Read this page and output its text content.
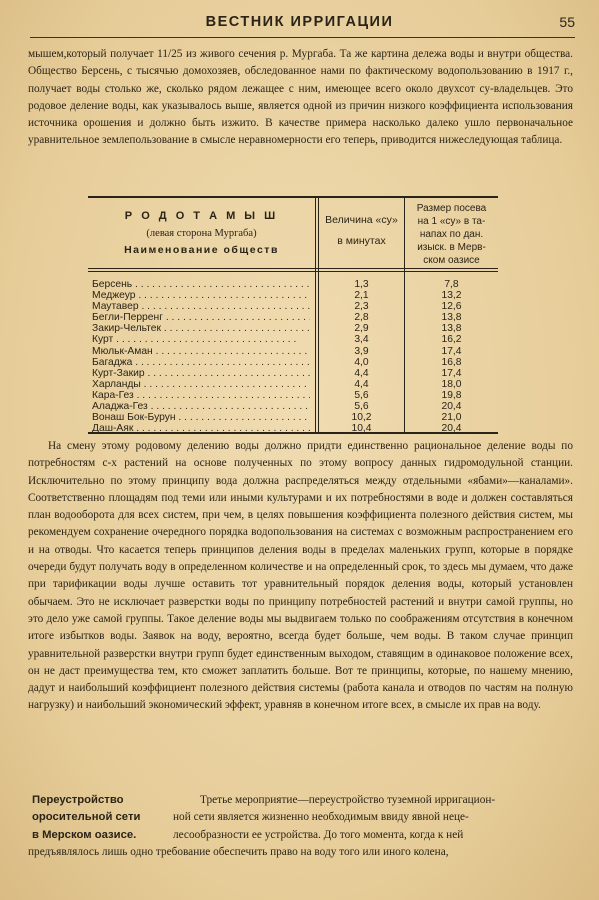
ВЕСТНИК ИРРИГАЦИИ	55

мышем,который получает 11/25 из живого сечения р. Мургаба. Та же картина дележа воды и внутри общества. Общество Берсень, с тысячью домохозяев, обследованное нами по фактическому водопользованию в 1917 г., получает воды столько же, сколько рядом лежащее с ним, имеющее всего около двухсот су-владельцев. Это родовое деление воды, как указывалось выше, является одной из причин низкого коэффициента использования источника орошения и должно быть изжито. В качестве примера насколько далеко ушло первоначальное уравнительное землепользование в смысле неравномерности его теперь, приводится нижеследующая таблица.

Р О Д О Т А М Ы Ш
(левая сторона Мургаба)
Наименование обществ
Величина «су»
в минутах
Размер посева
на 1 «су» в та-
напах по дан.
изыск. в Мерв-
ском оазисе
Берсень . . .	1,3	7,8
Меджеур . . .	2,1	13,2
Маутавер . . .	2,3	12,6
Бегли-Перренг . . .	2,8	13,8
Закир-Чельтек . . .	2,9	13,8
Курт . . .	3,4	16,2
Мюльк-Аман . . .	3,9	17,4
Багаджа . . .	4,0	16,8
Курт-Закир . . .	4,4	17,4
Харланды . . .	4,4	18,0
Кара-Гез . . .	5,6	19,8
Аладжа-Гез . . .	5,6	20,4
Вонаш Бок-Бурун . . .	10,2	21,0
Даш-Аяк . . .	10,4	20,4

На смену этому родовому делению воды должно придти единственно рациональное деление воды по потребностям с-х растений на основе полученных по этому вопросу данных гидромодульной станции. Исключительно по этому принципу вода должна распределяться между отдельными «ябами»—каналами». Соответственно площадям под теми или иными культурами и их потребностями в воде и должен составляться план водооборота для всех систем, при чем, в целях повышения коэффициента полезного действия систем, мы рекомендуем сохранение очередного порядка водопользования на системах с возможным распространением его и на отводы. Что касается теперь принципов деления воды в пределах маленьких групп, которые в порядке очереди будут получать воду в определенном количестве и на определенный срок, то здесь мы думаем, что даже при тарификации воды лучше оставить тот уравнительный порядок деления воды, который установлен обычаем. Это не исключает разверстки воды по принципу потребностей растений и внутри самой группы, но это дело уже самой группы. Такое деление воды мы выдвигаем только по соображениям отсутствия в конечном итоге избытков воды. Заявок на воду, вероятно, всегда будет больше, чем воды. В таком случае принцип уравнительной разверстки внутри групп будет единственным выходом, ставящим в одинаковое положение всех, он не даст преимущества тем, кто сможет заплатить больше. Вот те принципы, которые, по нашему мнению, дадут и наибольший коэффициент полезного действия системы (работа канала и отводов по частям на полную нагрузку) и наибольший экономический эффект, уравняв в конечном итоге всех, в смысле их прав на воду.

Переустройство
оросительной сети
в Мерском оазисе.
Третье мероприятие—переустройство туземной ирригацион-
ной сети является жизненно необходимым ввиду явной неце-
лесообразности ее устройства. До того момента, когда к ней
предъявлялось лишь одно требование обеспечить право на воду того или иного колена,
